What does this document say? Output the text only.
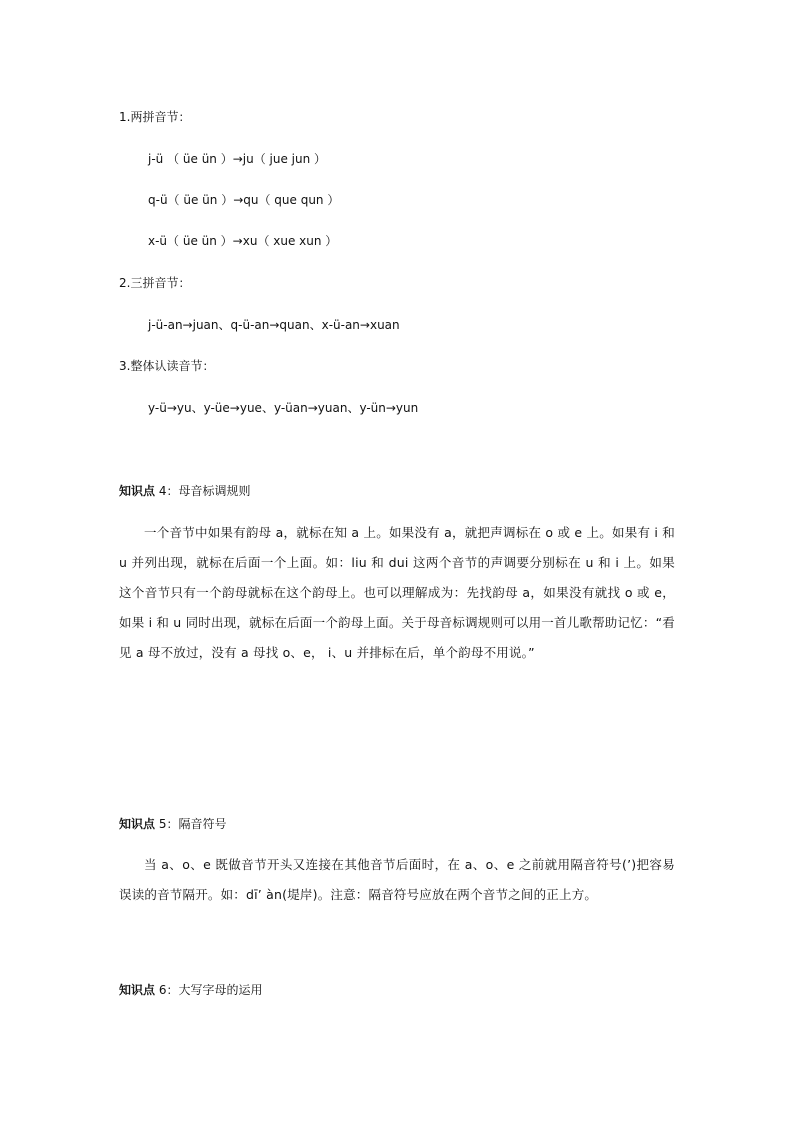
1.两拼音节：
j-ü （ üe ün ）→ju（ jue jun ）
q-ü（ üe ün ）→qu（ que qun ）
x-ü（ üe ün ）→xu（ xue xun ）
2.三拼音节：
j-ü-an→juan、q-ü-an→quan、x-ü-an→xuan
3.整体认读音节：
y-ü→yu、y-üe→yue、y-üan→yuan、y-ün→yun
知识点 4：母音标调规则
一个音节中如果有韵母 a，就标在知 a 上。如果没有 a，就把声调标在 o 或 e 上。如果有 i 和 u 并列出现，就标在后面一个上面。如：liu 和 dui 这两个音节的声调要分别标在 u 和 i 上。如果这个音节只有一个韵母就标在这个韵母上。也可以理解成为：先找韵母 a，如果没有就找 o 或 e，如果 i 和 u 同时出现，就标在后面一个韵母上面。关于母音标调规则可以用一首儿歌帮助记忆：“看见 a 母不放过，没有 a 母找 o、e， i、u 并排标在后，单个韵母不用说。”
知识点 5：隔音符号
当 a、o、e 既做音节开头又连接在其他音节后面时，在 a、o、e 之前就用隔音符号(’)把容易误读的音节隔开。如：dī’ àn(堤岸)。注意：隔音符号应放在两个音节之间的正上方。
知识点 6：大写字母的运用
